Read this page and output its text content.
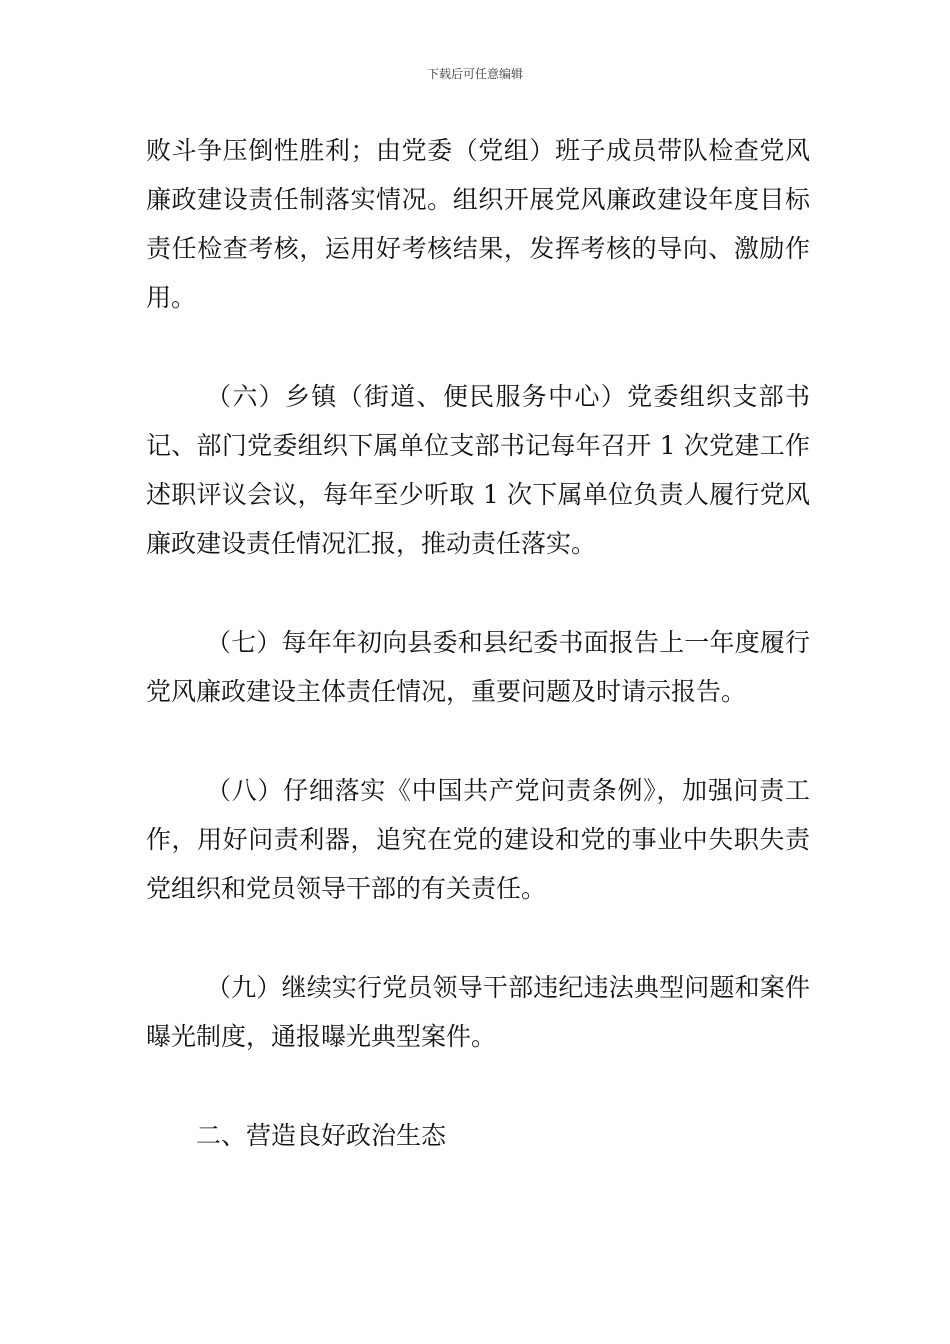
下载后可任意编辑

败斗争压倒性胜利；由党委（党组）班子成员带队检查党风廉政建设责任制落实情况。组织开展党风廉政建设年度目标责任检查考核，运用好考核结果，发挥考核的导向、激励作用。

（六）乡镇（街道、便民服务中心）党委组织支部书记、部门党委组织下属单位支部书记每年召开 1 次党建工作述职评议会议，每年至少听取 1 次下属单位负责人履行党风廉政建设责任情况汇报，推动责任落实。

（七）每年年初向县委和县纪委书面报告上一年度履行党风廉政建设主体责任情况，重要问题及时请示报告。

（八）仔细落实《中国共产党问责条例》，加强问责工作，用好问责利器，追究在党的建设和党的事业中失职失责党组织和党员领导干部的有关责任。

（九）继续实行党员领导干部违纪违法典型问题和案件曝光制度，通报曝光典型案件。

二、营造良好政治生态
